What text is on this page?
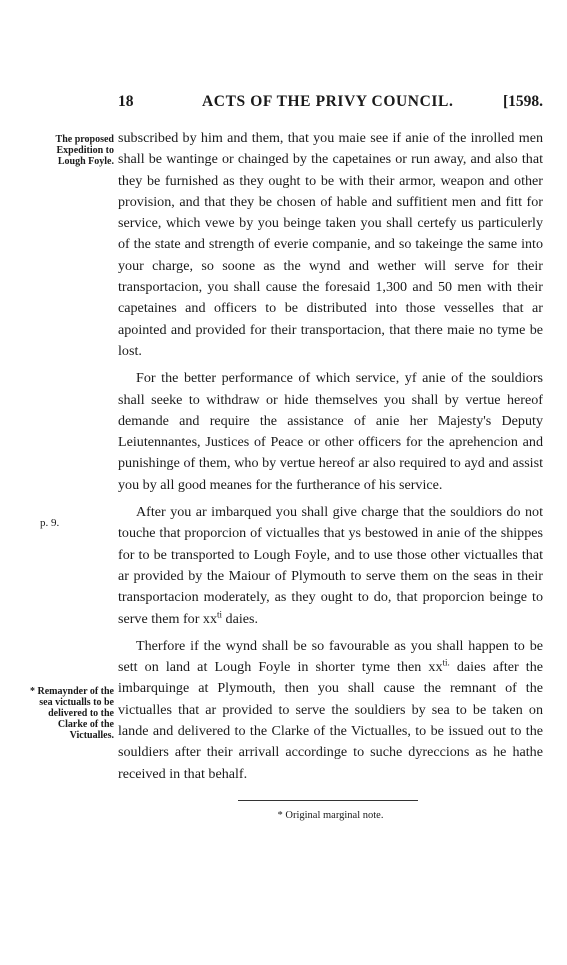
18	ACTS OF THE PRIVY COUNCIL.	[1598.
The proposed Expedition to Lough Foyle.
p. 9.
* Remaynder of the sea victualls to be delivered to the Clarke of the Victualles.

subscribed by him and them, that you maie see if anie of the inrolled men shall be wantinge or chainged by the capetaines or run away, and also that they be furnished as they ought to be with their armor, weapon and other provision, and that they be chosen of hable and suffitient men and fitt for service, which vewe by you beinge taken you shall certefy us particulerly of the state and strength of everie companie, and so takeinge the same into your charge, so soone as the wynd and wether will serve for their transportacion, you shall cause the foresaid 1,300 and 50 men with their capetaines and officers to be distributed into those vesselles that ar apointed and provided for their transportacion, that there maie no tyme be lost.

For the better performance of which service, yf anie of the souldiors shall seeke to withdraw or hide themselves you shall by vertue hereof demande and require the assistance of anie her Majesty's Deputy Leiutennantes, Justices of Peace or other officers for the aprehencion and punishinge of them, who by vertue hereof ar also required to ayd and assist you by all good meanes for the furtherance of his service.

After you ar imbarqued you shall give charge that the souldiors do not touche that proporcion of victualles that ys bestowed in anie of the shippes for to be transported to Lough Foyle, and to use those other victualles that ar provided by the Maiour of Plymouth to serve them on the seas in their transportacion moderately, as they ought to do, that proporcion beinge to serve them for $xx^{ti}$ daies.

Therfore if the wynd shall be so favourable as you shall happen to be sett on land at Lough Foyle in shorter tyme then $xx^{ti.}$ daies after the imbarquinge at Plymouth, then you shall cause the remnant of the victualles that ar provided to serve the souldiers by sea to be taken on lande and delivered to the Clarke of the Victualles, to be issued out to the souldiers after their arrivall accordinge to suche dyreccions as he hathe received in that behalf.

* Original marginal note.
